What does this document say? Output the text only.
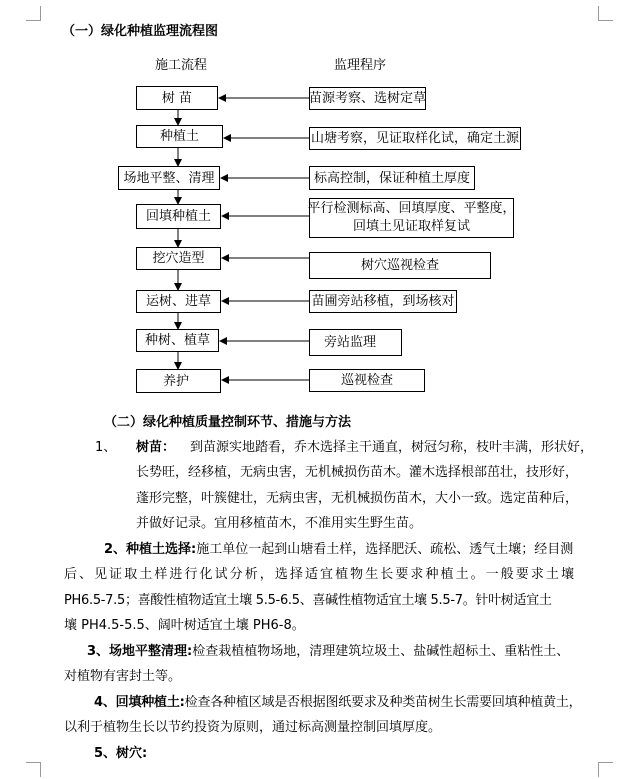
（一）绿化种植监理流程图
施工流程	监理程序
树 苗
种植土
场地平整、清理
回填种植土
挖穴造型
运树、进草
种树、植草
养护
苗源考察、选树定草
山塘考察，见证取样化试，确定土源
标高控制，保证种植土厚度
平行检测标高、回填厚度、平整度，
回填土见证取样复试
树穴巡视检查
苗圃旁站移植，到场核对
旁站监理
巡视检查
（二）绿化种植质量控制环节、措施与方法
1、 树苗： 到苗源实地踏看，乔木选择主干通直，树冠匀称，枝叶丰满，形状好，
长势旺，经移植，无病虫害，无机械损伤苗木。灌木选择根部茁壮，技形好，
蓬形完整，叶簇健壮，无病虫害，无机械损伤苗木，大小一致。选定苗种后，
并做好记录。宜用移植苗木，不准用实生野生苗。
2、种植土选择:施工单位一起到山塘看土样，选择肥沃、疏松、透气土壤；经目测
后、见证取土样进行化试分析，选择适宜植物生长要求种植土。一般要求土壤
PH6.5-7.5；喜酸性植物适宜土壤 5.5-6.5、喜碱性植物适宜土壤 5.5-7。针叶树适宜土
壤 PH4.5-5.5、阔叶树适宜土壤 PH6-8。
3、场地平整清理:检查栽植植物场地，清理建筑垃圾土、盐碱性超标土、重粘性土、
对植物有害封土等。
4、回填种植土:检查各种植区域是否根据图纸要求及种类苗树生长需要回填种植黄土，
以利于植物生长以节约投资为原则，通过标高测量控制回填厚度。
5、树穴:
